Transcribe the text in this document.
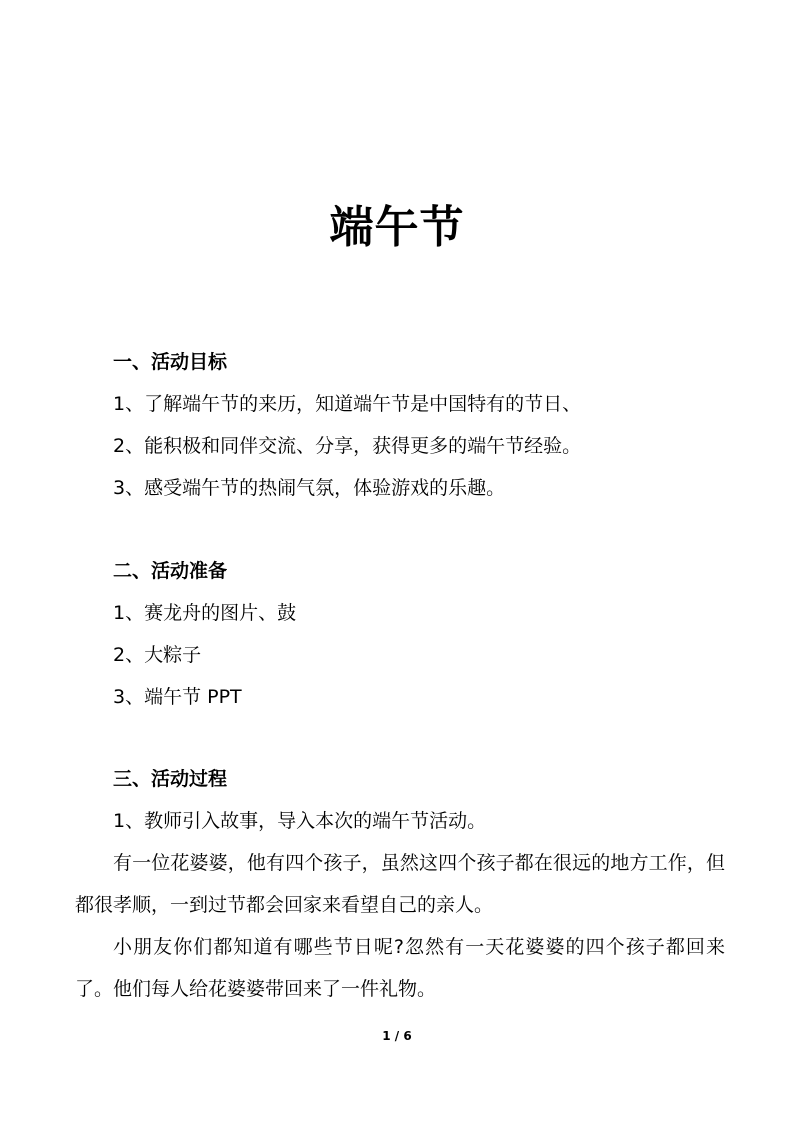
端午节
一、活动目标
1、了解端午节的来历，知道端午节是中国特有的节日、
2、能积极和同伴交流、分享，获得更多的端午节经验。
3、感受端午节的热闹气氛，体验游戏的乐趣。
二、活动准备
1、赛龙舟的图片、鼓
2、大粽子
3、端午节 PPT
三、活动过程
1、教师引入故事，导入本次的端午节活动。
有一位花婆婆，他有四个孩子，虽然这四个孩子都在很远的地方工作，但都很孝顺，一到过节都会回家来看望自己的亲人。
小朋友你们都知道有哪些节日呢?忽然有一天花婆婆的四个孩子都回来了。他们每人给花婆婆带回来了一件礼物。
1 / 6
